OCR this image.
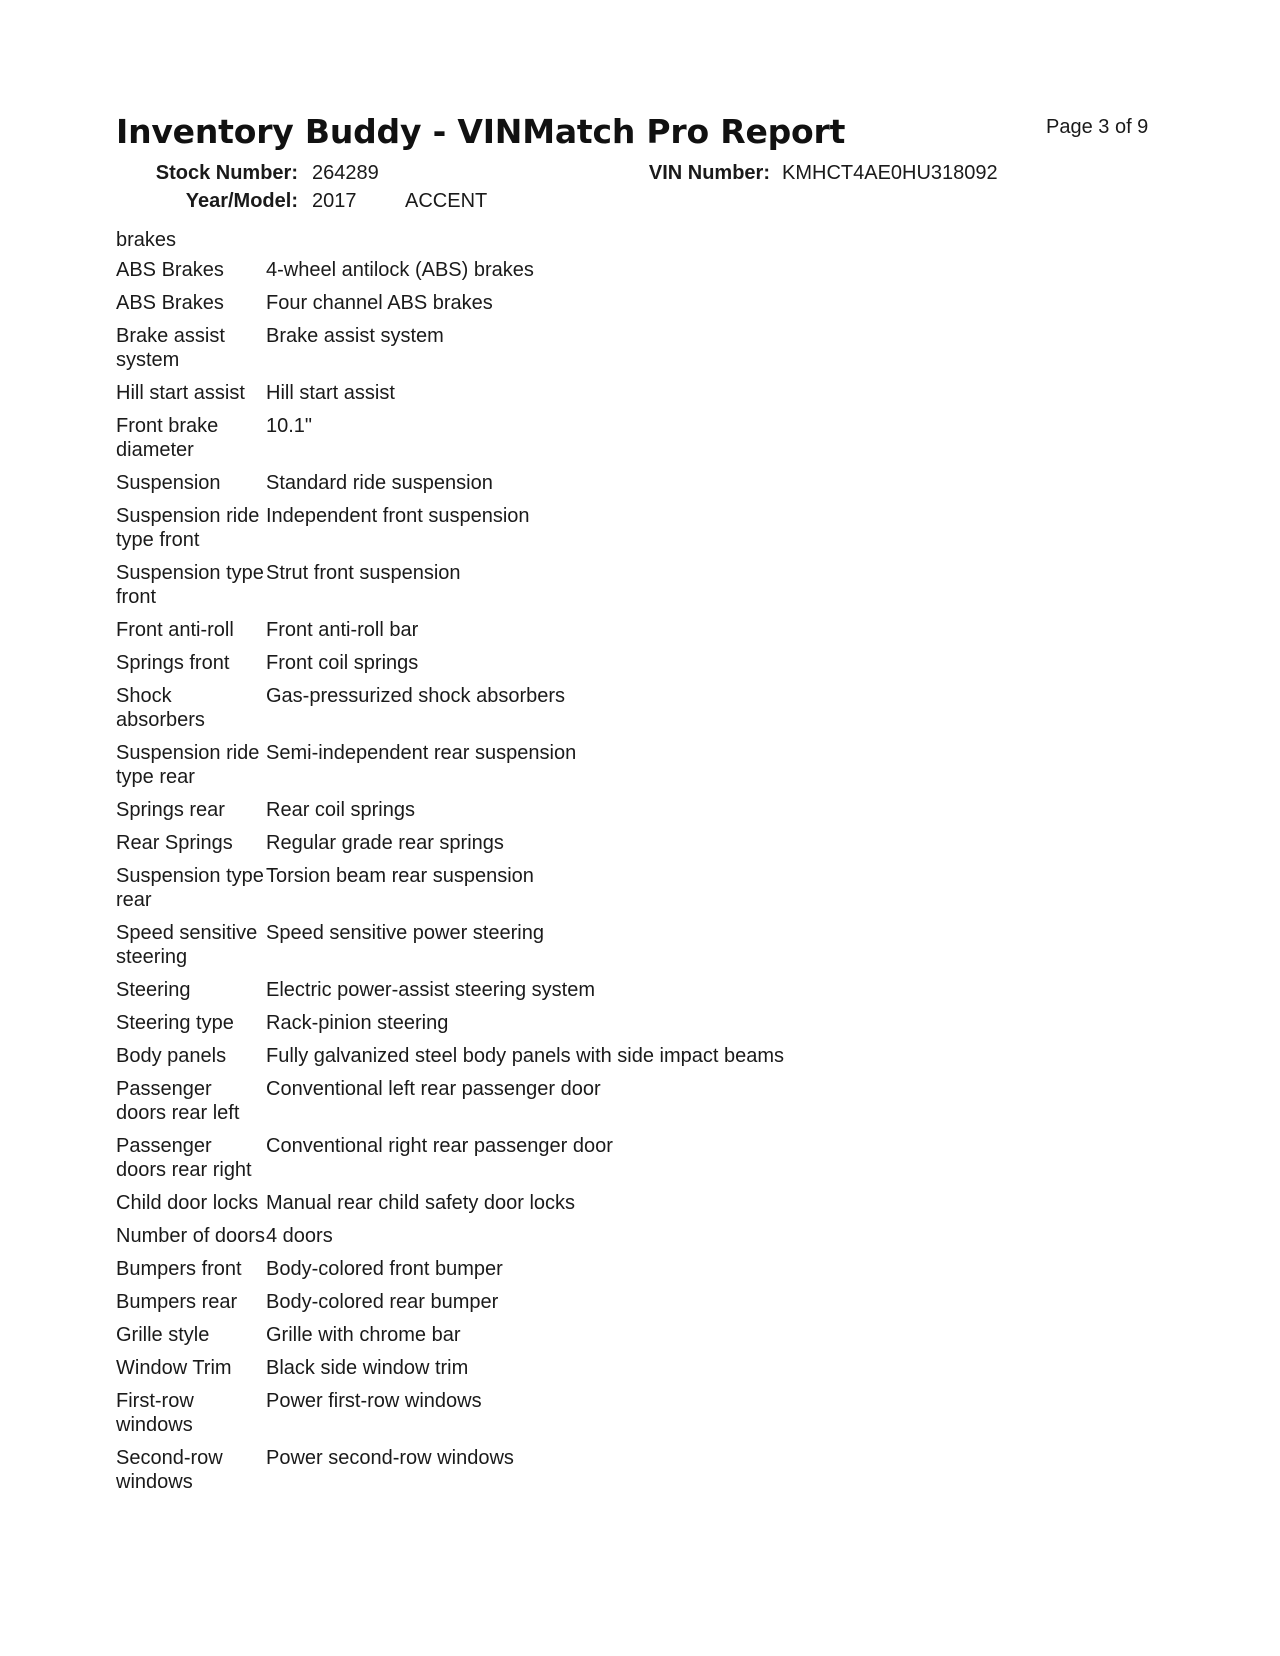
Page 3 of 9
Inventory Buddy - VINMatch Pro Report
Stock Number: 264289
Year/Model: 2017 ACCENT
VIN Number: KMHCT4AE0HU318092
brakes
ABS Brakes	4-wheel antilock (ABS) brakes
ABS Brakes	Four channel ABS brakes
Brake assist system	Brake assist system
Hill start assist	Hill start assist
Front brake diameter	10.1"
Suspension	Standard ride suspension
Suspension ride type front	Independent front suspension
Suspension type front	Strut front suspension
Front anti-roll	Front anti-roll bar
Springs front	Front coil springs
Shock absorbers	Gas-pressurized shock absorbers
Suspension ride type rear	Semi-independent rear suspension
Springs rear	Rear coil springs
Rear Springs	Regular grade rear springs
Suspension type rear	Torsion beam rear suspension
Speed sensitive steering	Speed sensitive power steering
Steering	Electric power-assist steering system
Steering type	Rack-pinion steering
Body panels	Fully galvanized steel body panels with side impact beams
Passenger doors rear left	Conventional left rear passenger door
Passenger doors rear right	Conventional right rear passenger door
Child door locks	Manual rear child safety door locks
Number of doors	4 doors
Bumpers front	Body-colored front bumper
Bumpers rear	Body-colored rear bumper
Grille style	Grille with chrome bar
Window Trim	Black side window trim
First-row windows	Power first-row windows
Second-row windows	Power second-row windows
